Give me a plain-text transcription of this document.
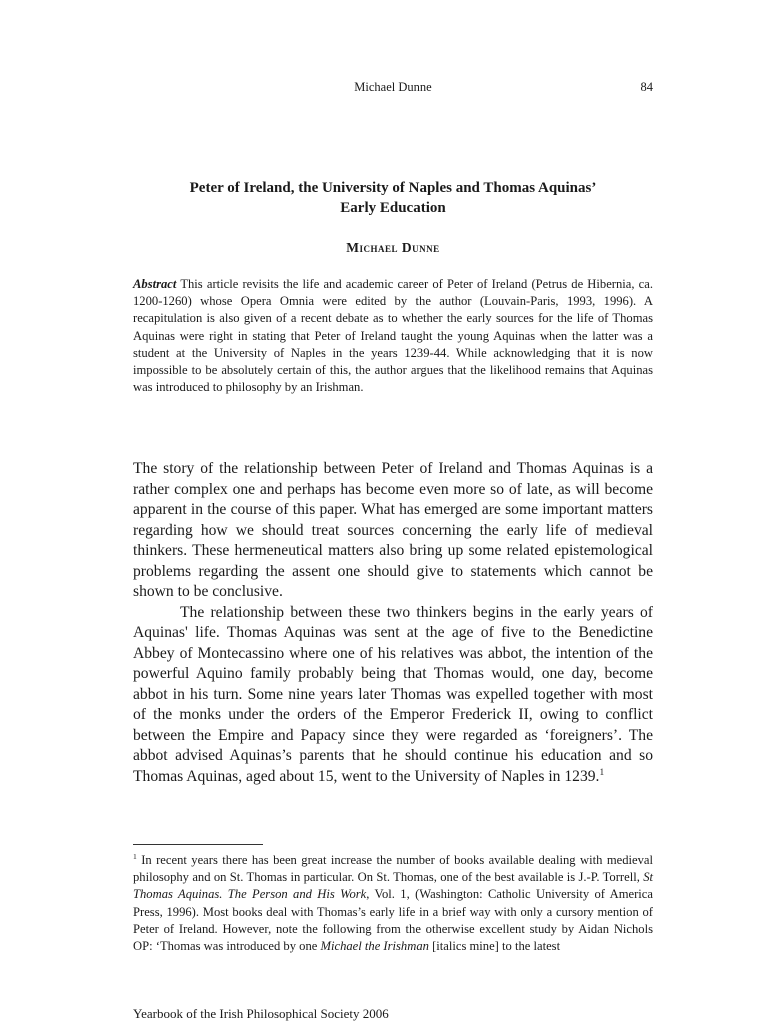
Michael Dunne	84
Peter of Ireland, the University of Naples and Thomas Aquinas’
Early Education
Michael Dunne
Abstract This article revisits the life and academic career of Peter of Ireland (Petrus de Hibernia, ca. 1200-1260) whose Opera Omnia were edited by the author (Louvain-Paris, 1993, 1996). A recapitulation is also given of a recent debate as to whether the early sources for the life of Thomas Aquinas were right in stating that Peter of Ireland taught the young Aquinas when the latter was a student at the University of Naples in the years 1239-44. While acknowledging that it is now impossible to be absolutely certain of this, the author argues that the likelihood remains that Aquinas was introduced to philosophy by an Irishman.

The story of the relationship between Peter of Ireland and Thomas Aquinas is a rather complex one and perhaps has become even more so of late, as will become apparent in the course of this paper. What has emerged are some important matters regarding how we should treat sources concerning the early life of medieval thinkers. These hermeneutical matters also bring up some related epistemological problems regarding the assent one should give to statements which cannot be shown to be conclusive.

The relationship between these two thinkers begins in the early years of Aquinas' life. Thomas Aquinas was sent at the age of five to the Benedictine Abbey of Montecassino where one of his relatives was abbot, the intention of the powerful Aquino family probably being that Thomas would, one day, become abbot in his turn. Some nine years later Thomas was expelled together with most of the monks under the orders of the Emperor Frederick II, owing to conflict between the Empire and Papacy since they were regarded as ‘foreigners’. The abbot advised Aquinas’s parents that he should continue his education and so Thomas Aquinas, aged about 15, went to the University of Naples in 1239.$^1$

$^1$ In recent years there has been great increase the number of books available dealing with medieval philosophy and on St. Thomas in particular. On St. Thomas, one of the best available is J.-P. Torrell, St Thomas Aquinas. The Person and His Work, Vol. 1, (Washington: Catholic University of America Press, 1996). Most books deal with Thomas’s early life in a brief way with only a cursory mention of Peter of Ireland. However, note the following from the otherwise excellent study by Aidan Nichols OP: ‘Thomas was introduced by one Michael the Irishman [italics mine] to the latest
Yearbook of the Irish Philosophical Society 2006
